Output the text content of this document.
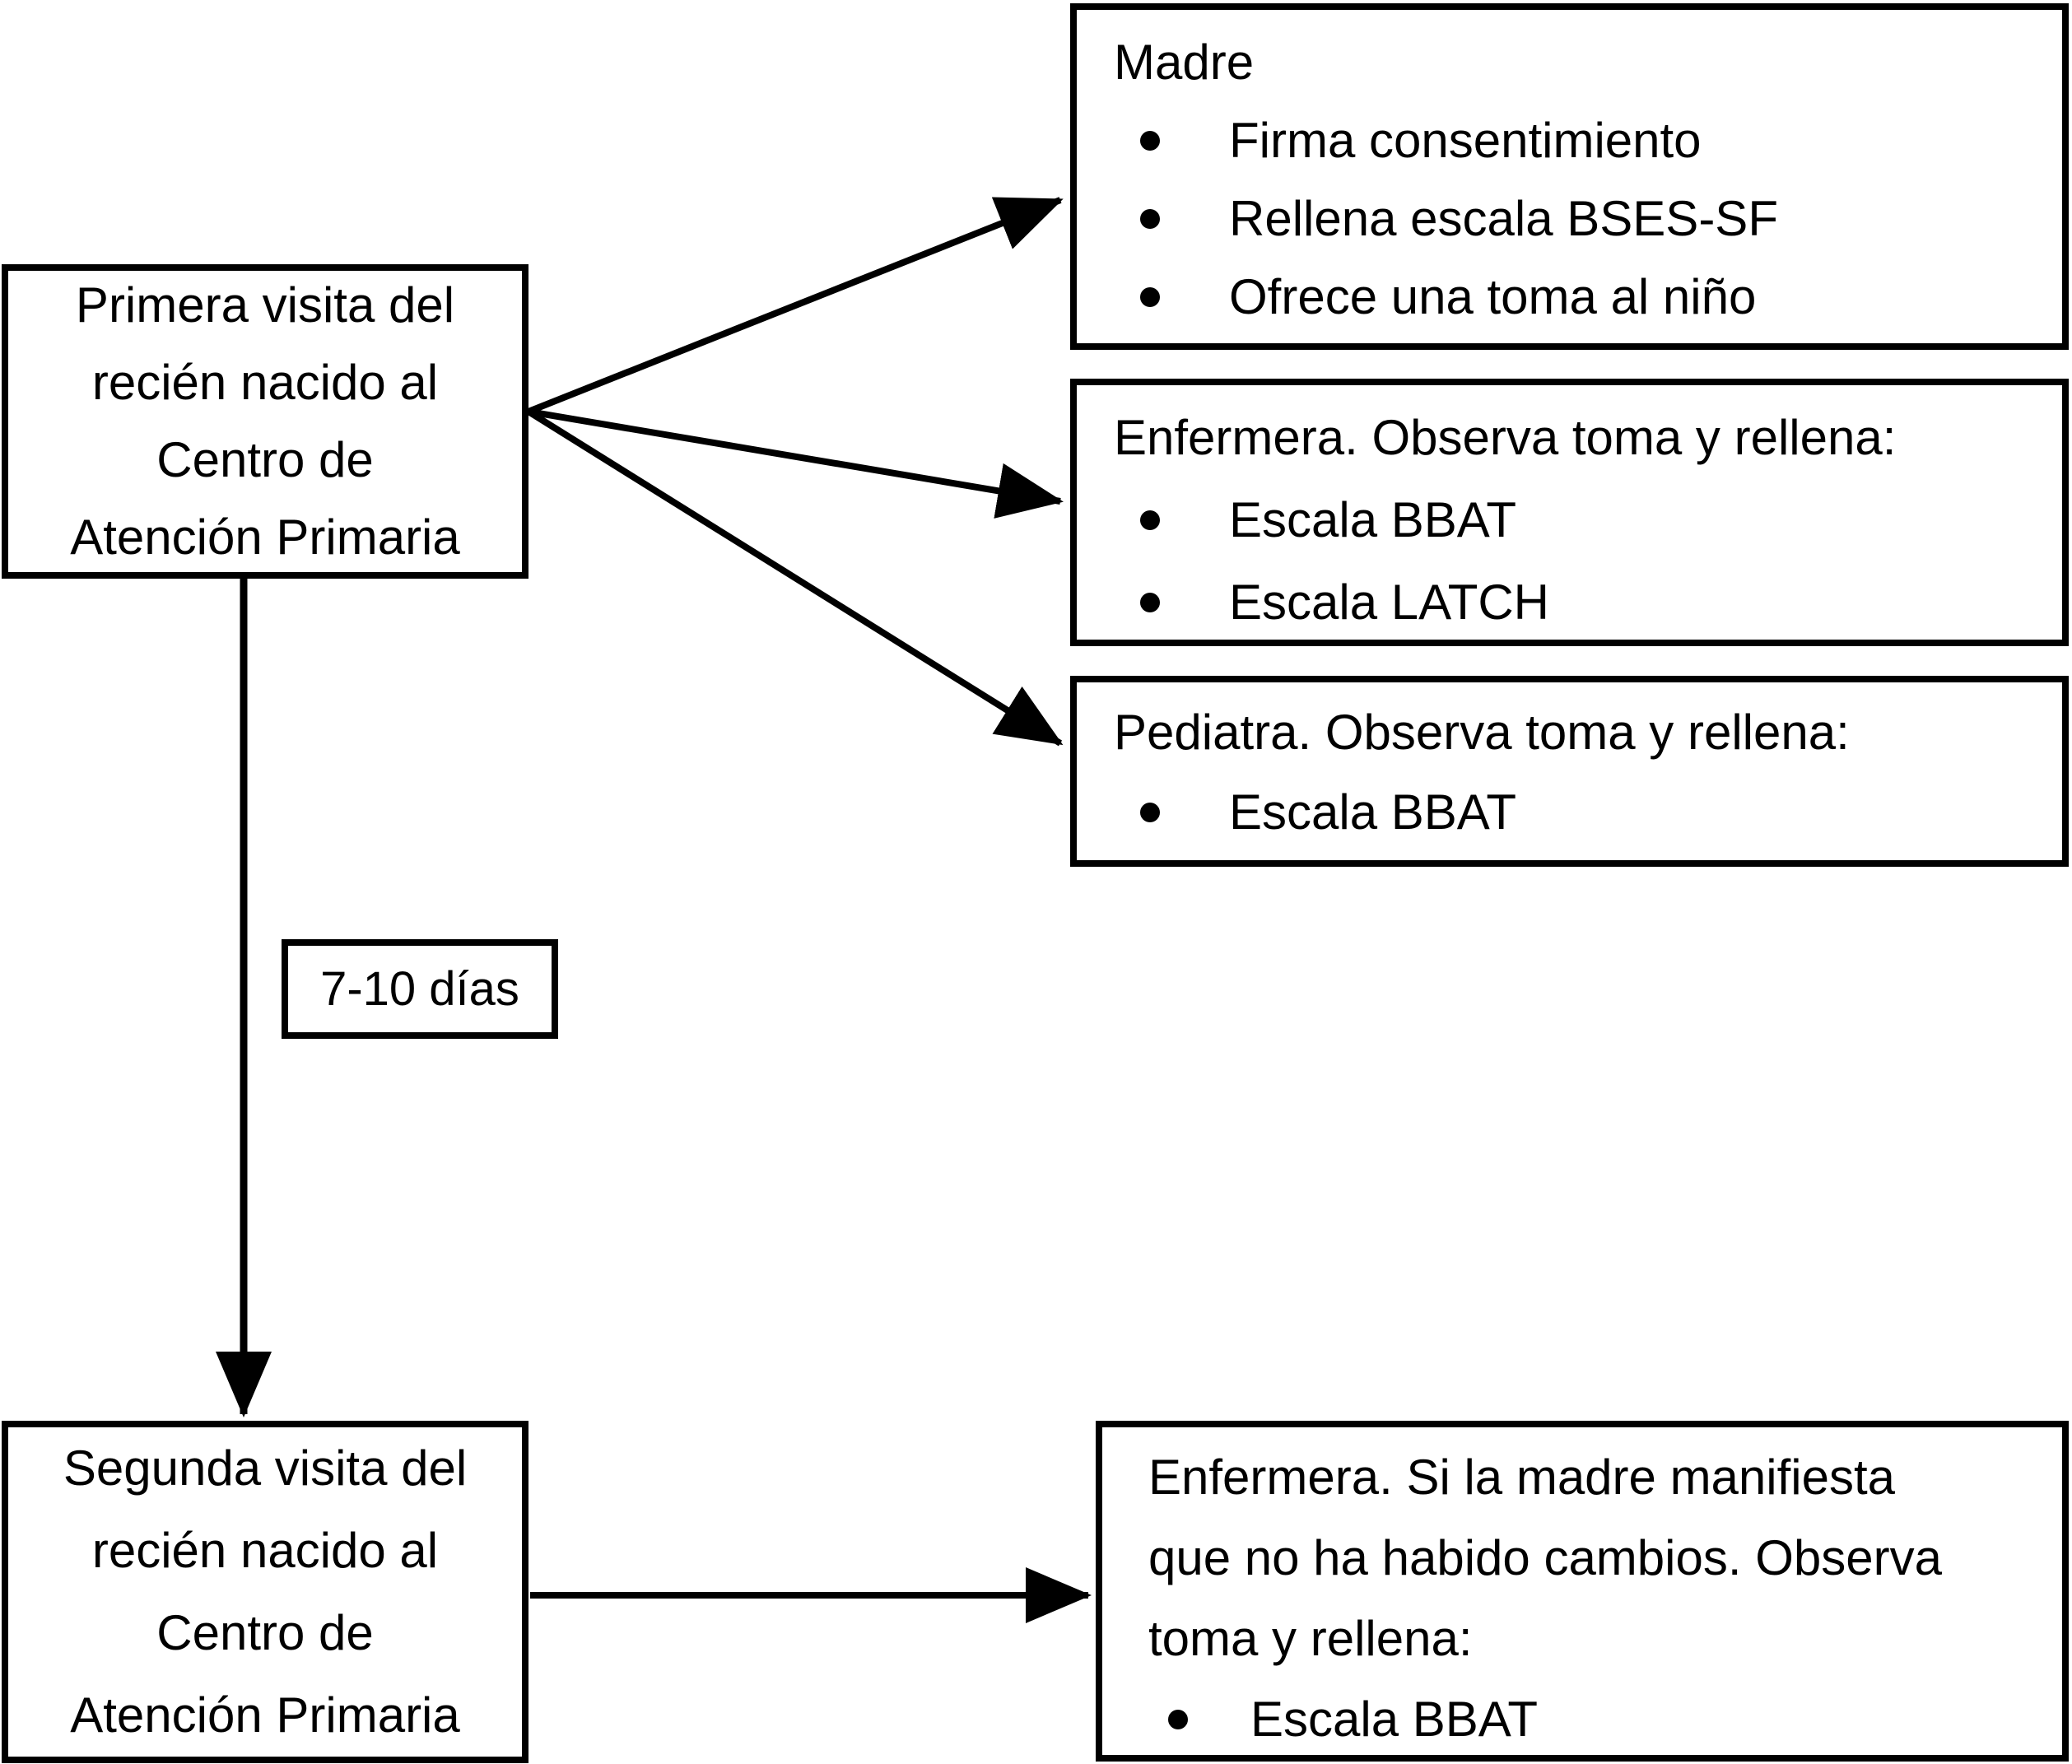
Primera visita del
recién nacido al
Centro de
Atención Primaria
Madre
Firma consentimiento
Rellena escala BSES-SF
Ofrece una toma al niño
Enfermera. Observa toma y rellena:
Escala BBAT
Escala LATCH
Pediatra. Observa toma y rellena:
Escala BBAT
7-10 días
Segunda visita del
recién nacido al
Centro de
Atención Primaria
Enfermera. Si la madre manifiesta
que no ha habido cambios. Observa
toma y rellena:
Escala BBAT
